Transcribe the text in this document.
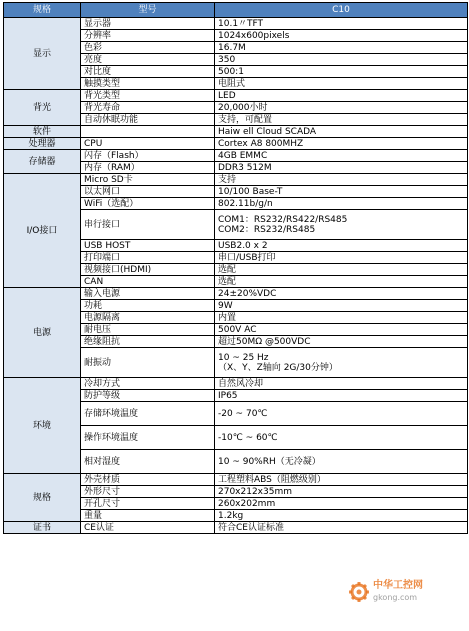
规格	型号	C10
显示	显示器	10.1〃TFT
	分辨率	1024x600pixels
	色彩	16.7M
	亮度	350
	对比度	500:1
	触摸类型	电阻式
背光	背光类型	LED
	背光寿命	20,000小时
	自动休眠功能	支持，可配置
软件		Haiw ell Cloud SCADA
处理器	CPU	Cortex A8 800MHZ
存储器	闪存（Flash）	4GB EMMC
	内存（RAM）	DDR3 512M
I/O接口	Micro SD卡	支持
	以太网口	10/100 Base-T
	WiFi（选配）	802.11b/g/n
	串行接口	COM1：RS232/RS422/RS485
COM2：RS232/RS485

	USB HOST	USB2.0 x 2
	打印端口	串口/USB打印
	视频接口(HDMI)	选配
	CAN	选配
电源	输入电源	24±20%VDC
	功耗	9W
	电源隔离	内置
	耐电压	500V AC
	绝缘阻抗	超过50MΩ @500VDC
	耐振动	10 ~ 25 Hz
（X、Y、Z轴向 2G/30分钟）

环境	冷却方式	自然风冷却
	防护等级	IP65
	存储环境温度	-20 ~ 70℃
	操作环境温度	-10℃ ~ 60℃
	相对湿度	10 ~ 90%RH（无冷凝）
规格	外壳材质	工程塑料ABS（阻燃级别）
	外形尺寸	270x212x35mm
	开孔尺寸	260x202mm
	重量	1.2kg
证书	CE认证	符合CE认证标准
中华工控网
gkong.com
